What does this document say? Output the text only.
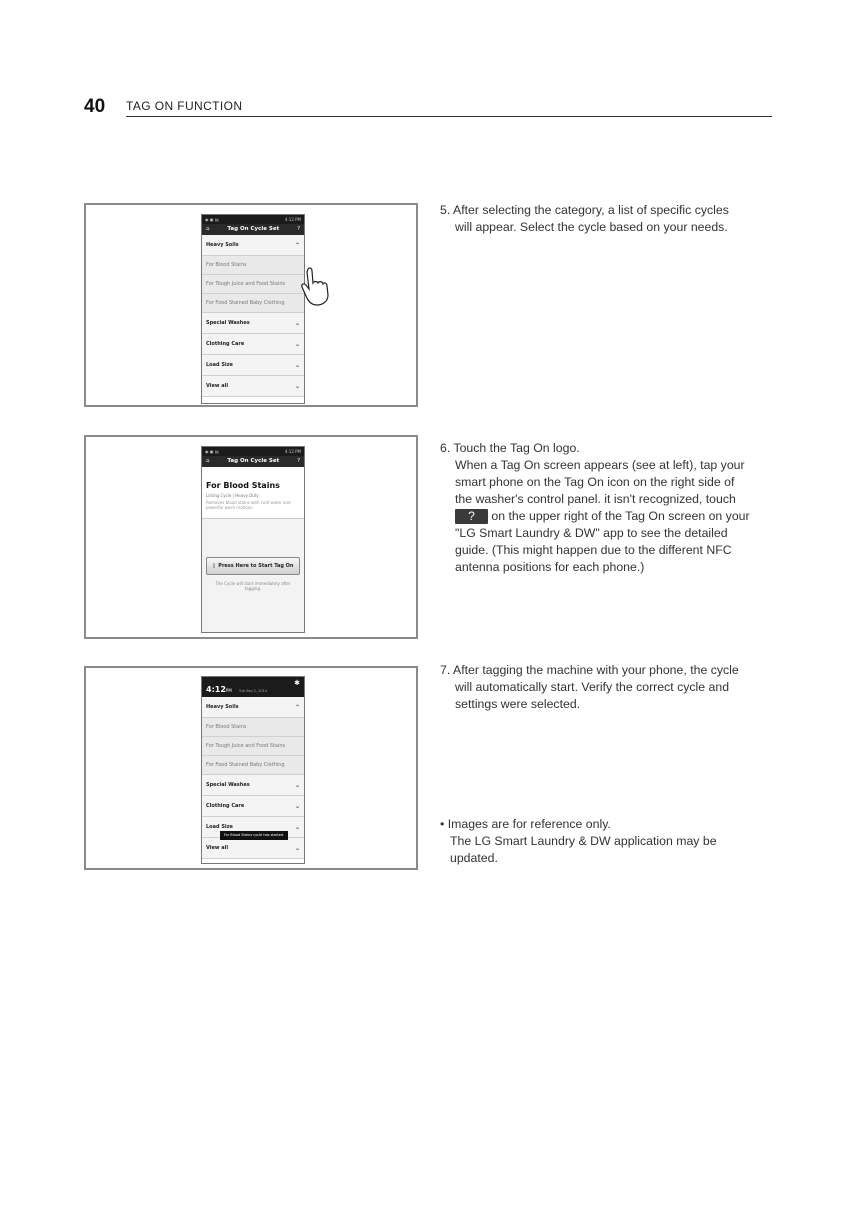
40 TAG ON FUNCTION
◉ ▣ ▤	4:12 PM
⌂	Tag On Cycle Set	?
Heavy Soils	⌃
For Blood Stains
For Tough Juice and Food Stains
For Food Stained Baby Clothing
Special Washes	⌄
Clothing Care	⌄
Load Size	⌄
View all	⌄
5. After selecting the category, a list of specific cycles
will appear. Select the cycle based on your needs.
◉ ▣ ▤	4:12 PM
⌂	Tag On Cycle Set	?
For Blood Stains
Listing Cycle | Heavy Duty
Removes blood stains with cold water and powerful wash motions.
▯ Press Here to Start Tag On
The Cycle will start immediately after tagging.
6. Touch the Tag On logo.
When a Tag On screen appears (see at left), tap your
smart phone on the Tag On icon on the right side of
the washer's control panel. it isn't recognized, touch
? on the upper right of the Tag On screen on your
"LG Smart Laundry & DW" app to see the detailed
guide. (This might happen due to the different NFC
antenna positions for each phone.)
4:12PM Tue Sep 2, 2014
✱
Heavy Soils	⌃
For Blood Stains
For Tough Juice and Food Stains
For Food Stained Baby Clothing
Special Washes	⌄
Clothing Care	⌄
Load Size	⌄
View all	⌄
For Blood Stains cycle has started.
7. After tagging the machine with your phone, the cycle
will automatically start. Verify the correct cycle and
settings were selected.
• Images are for reference only.
The LG Smart Laundry & DW application may be
updated.
